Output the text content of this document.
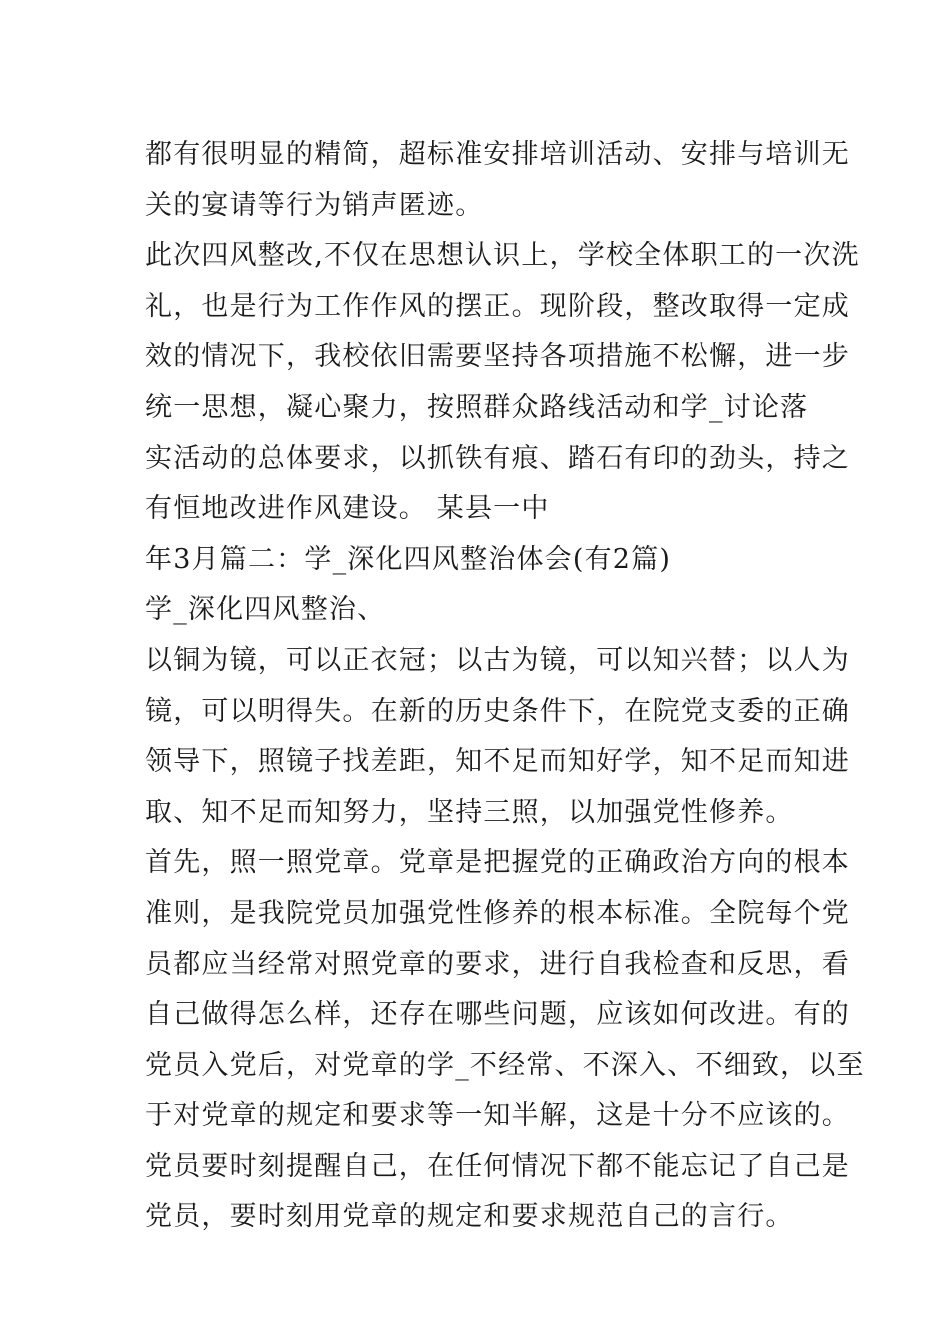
都有很明显的精简，超标准安排培训活动、安排与培训无
关的宴请等行为销声匿迹。
此次四风整改,不仅在思想认识上，学校全体职工的一次洗
礼，也是行为工作作风的摆正。现阶段，整改取得一定成
效的情况下，我校依旧需要坚持各项措施不松懈，进一步
统一思想，凝心聚力，按照群众路线活动和学_讨论落
实活动的总体要求，以抓铁有痕、踏石有印的劲头，持之
有恒地改进作风建设。 某县一中
年3月篇二：学_深化四风整治体会(有2篇)
学_深化四风整治、
以铜为镜，可以正衣冠；以古为镜，可以知兴替；以人为
镜，可以明得失。在新的历史条件下，在院党支委的正确
领导下，照镜子找差距，知不足而知好学，知不足而知进
取、知不足而知努力，坚持三照，以加强党性修养。
首先，照一照党章。党章是把握党的正确政治方向的根本
准则，是我院党员加强党性修养的根本标准。全院每个党
员都应当经常对照党章的要求，进行自我检查和反思，看
自己做得怎么样，还存在哪些问题，应该如何改进。有的
党员入党后，对党章的学_不经常、不深入、不细致，以至
于对党章的规定和要求等一知半解，这是十分不应该的。
党员要时刻提醒自己，在任何情况下都不能忘记了自己是
党员，要时刻用党章的规定和要求规范自己的言行。
